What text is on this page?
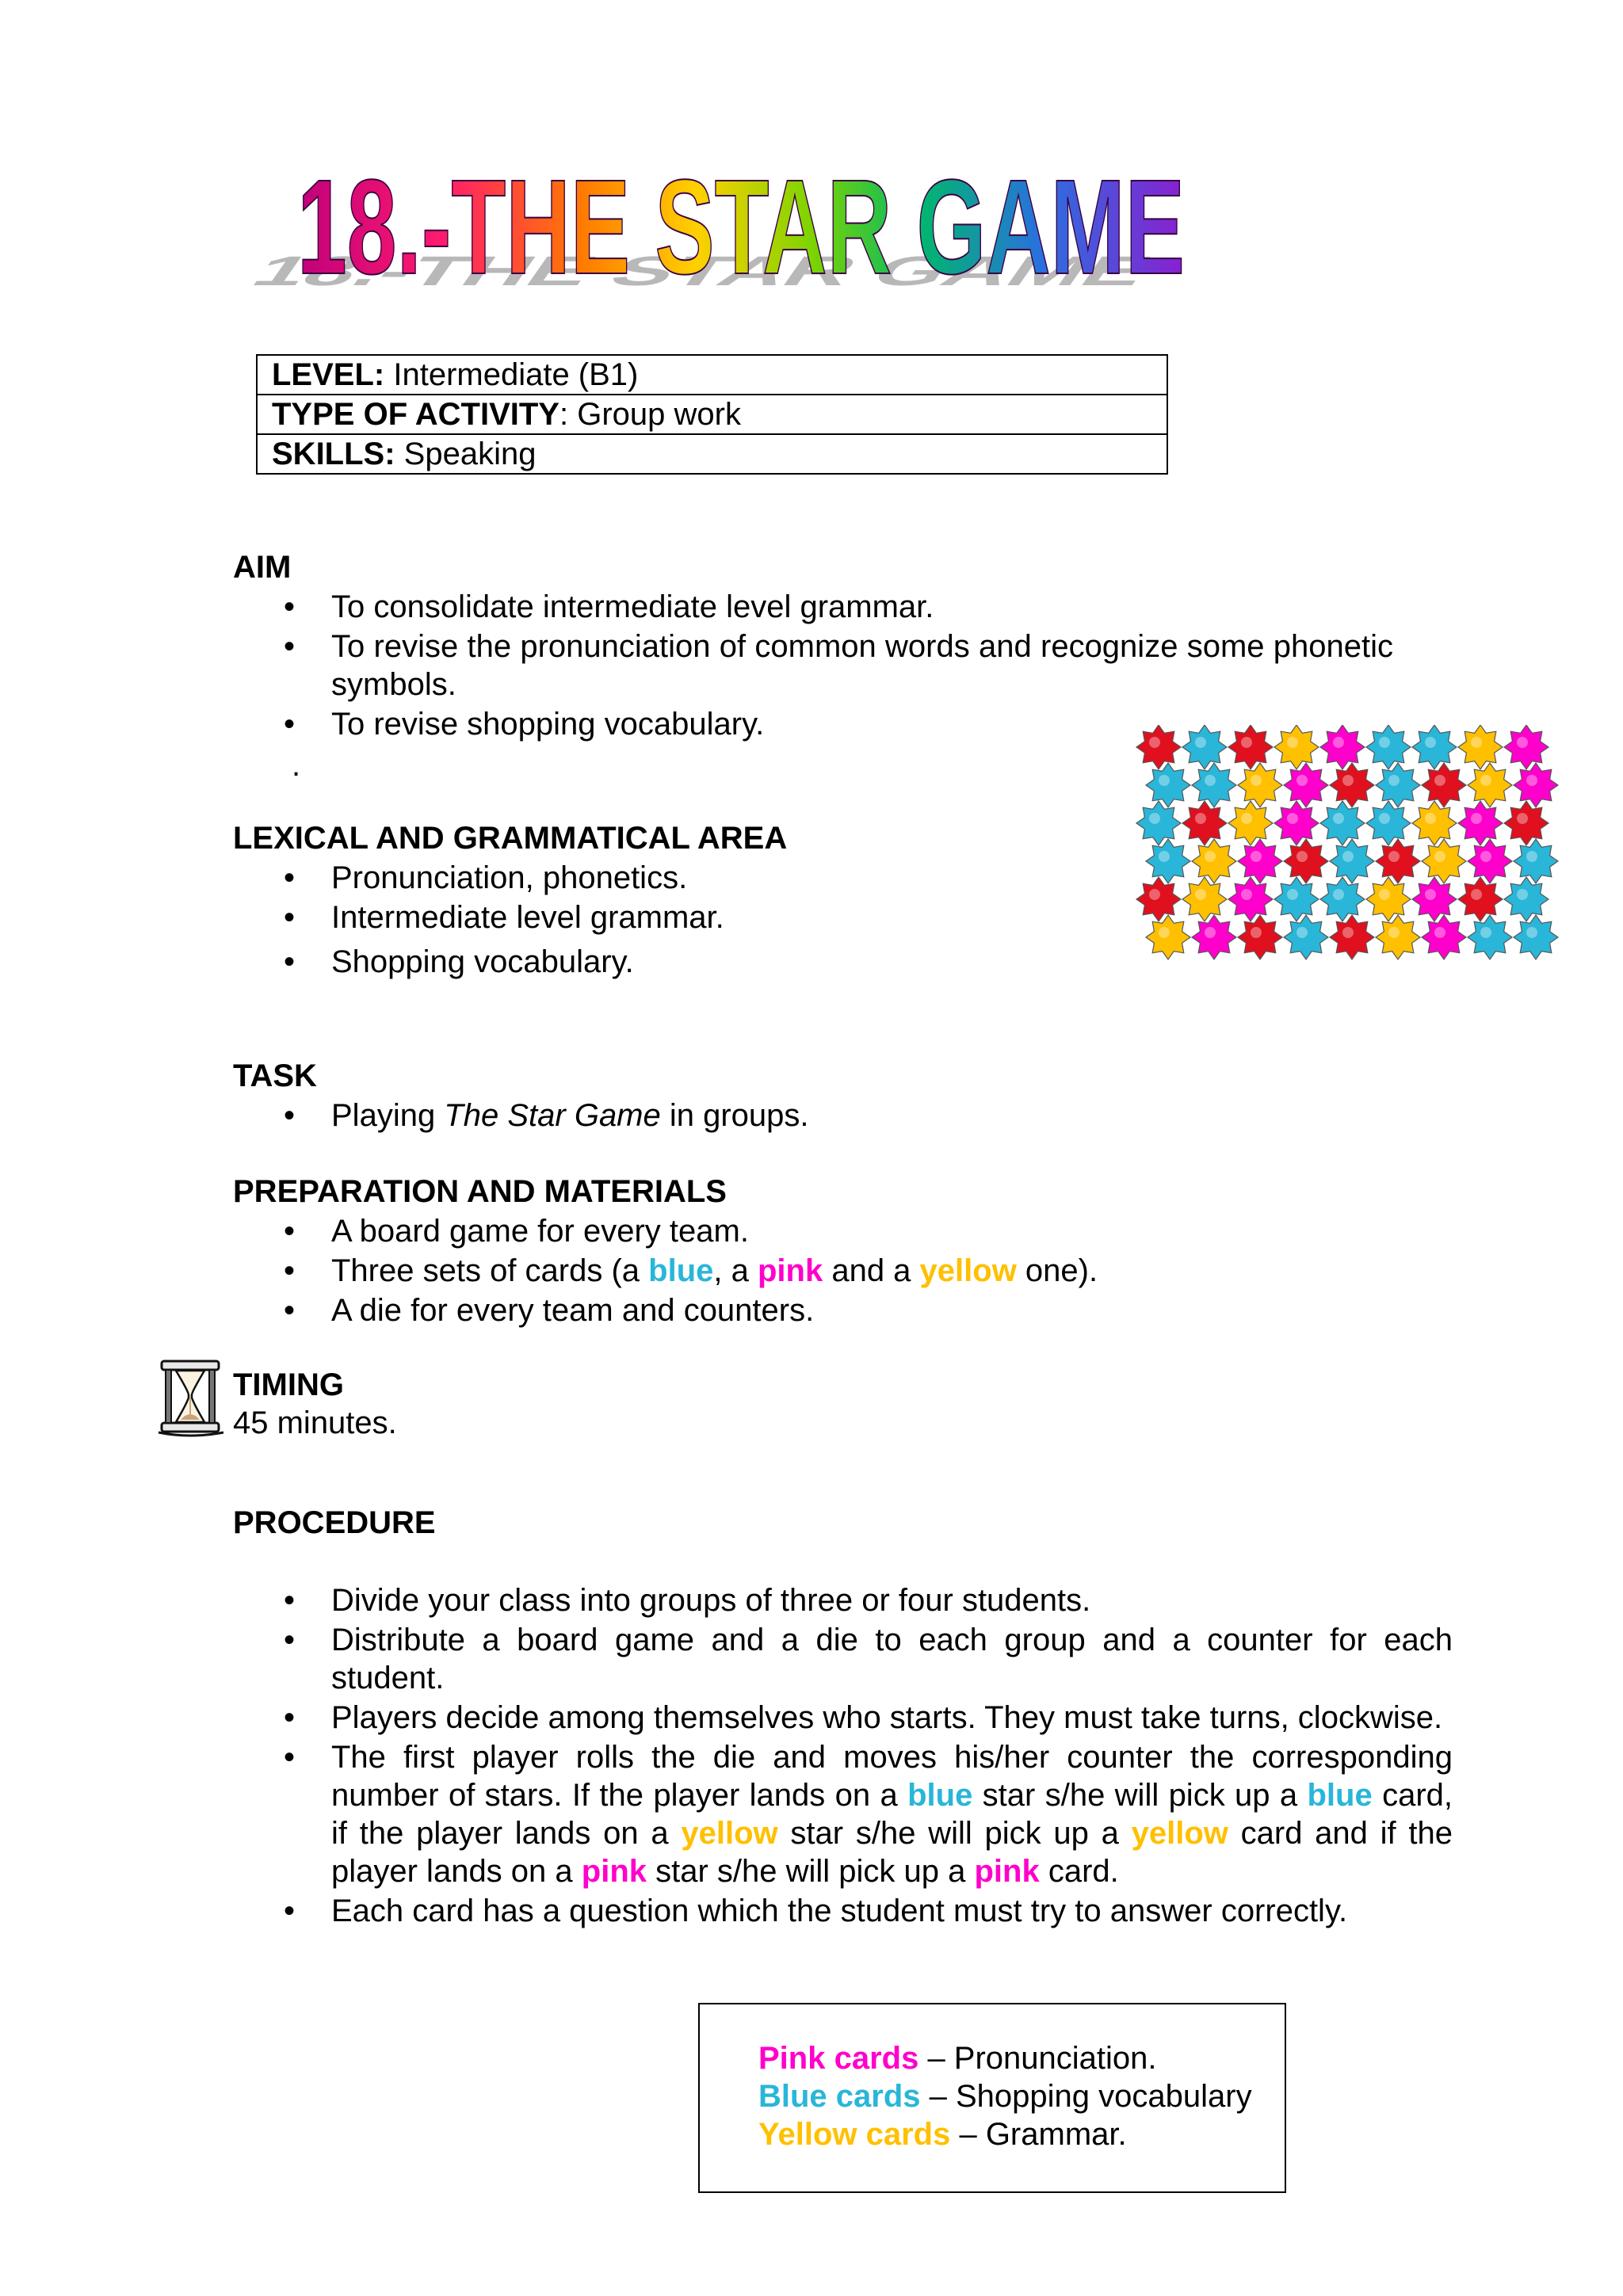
18.-THE STAR GAME
18.-THE STAR GAME
LEVEL: Intermediate (B1)
TYPE OF ACTIVITY: Group work
SKILLS: Speaking
AIM
• To consolidate intermediate level grammar.
• To revise the pronunciation of common words and recognize some phonetic symbols.
• To revise shopping vocabulary.
.
LEXICAL AND GRAMMATICAL AREA
• Pronunciation, phonetics.
• Intermediate level grammar.
• Shopping vocabulary.
TASK
• Playing The Star Game in groups.
PREPARATION AND MATERIALS
• A board game for every team.
• Three sets of cards (a blue, a pink and a yellow one).
• A die for every team and counters.
TIMING
45 minutes.
PROCEDURE
• Divide your class into groups of three or four students.
• Distribute a board game and a die to each group and a counter for each student.
• Players decide among themselves who starts. They must take turns, clockwise.
• The first player rolls the die and moves his/her counter the corresponding number of stars. If the player lands on a blue star s/he will pick up a blue card, if the player lands on a yellow star s/he will pick up a yellow card and if the player lands on a pink star s/he will pick up a pink card.
• Each card has a question which the student must try to answer correctly.
Pink cards – Pronunciation.
Blue cards – Shopping vocabulary
Yellow cards – Grammar.
